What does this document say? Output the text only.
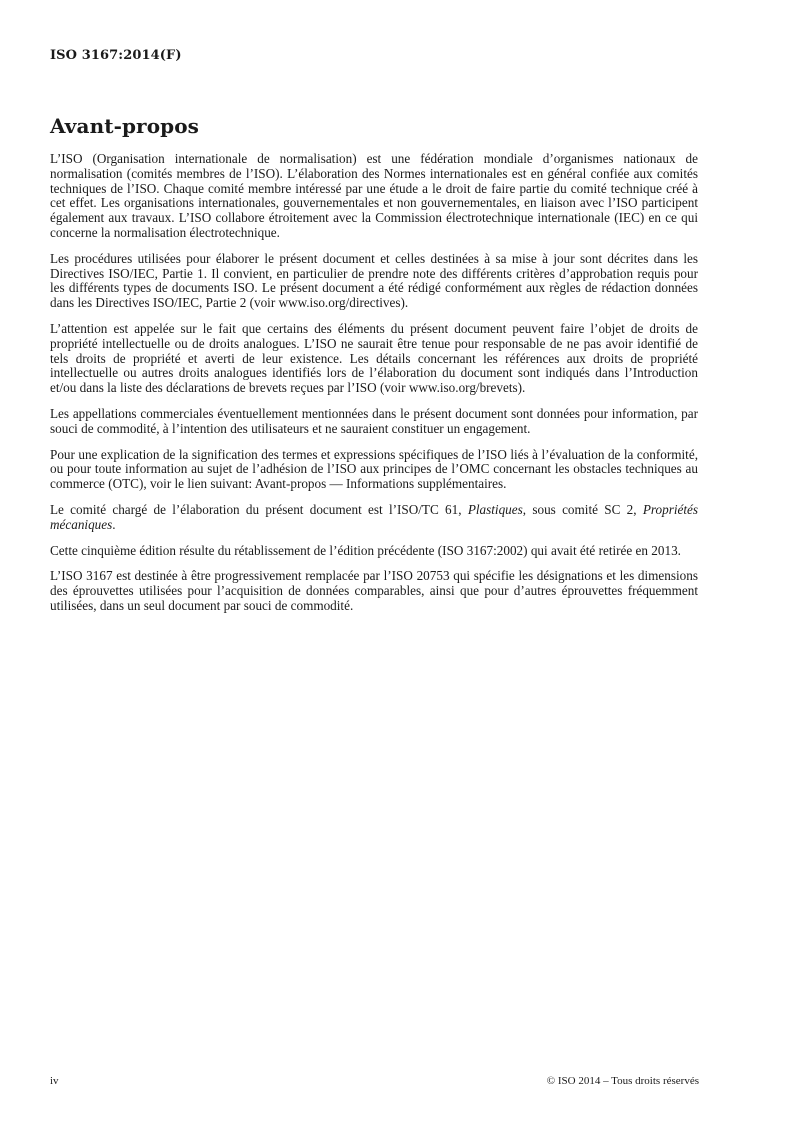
ISO 3167:2014(F)
Avant-propos

L’ISO (Organisation internationale de normalisation) est une fédération mondiale d’organismes nationaux de normalisation (comités membres de l’ISO). L’élaboration des Normes internationales est en général confiée aux comités techniques de l’ISO. Chaque comité membre intéressé par une étude a le droit de faire partie du comité technique créé à cet effet. Les organisations internationales, gouvernementales et non gouvernementales, en liaison avec l’ISO participent également aux travaux. L’ISO collabore étroitement avec la Commission électrotechnique internationale (IEC) en ce qui concerne la normalisation électrotechnique.

Les procédures utilisées pour élaborer le présent document et celles destinées à sa mise à jour sont décrites dans les Directives ISO/IEC, Partie 1. Il convient, en particulier de prendre note des différents critères d’approbation requis pour les différents types de documents ISO. Le présent document a été rédigé conformément aux règles de rédaction données dans les Directives ISO/IEC, Partie 2 (voir www.iso.org/directives).

L’attention est appelée sur le fait que certains des éléments du présent document peuvent faire l’objet de droits de propriété intellectuelle ou de droits analogues. L’ISO ne saurait être tenue pour responsable de ne pas avoir identifié de tels droits de propriété et averti de leur existence. Les détails concernant les références aux droits de propriété intellectuelle ou autres droits analogues identifiés lors de l’élaboration du document sont indiqués dans l’Introduction et/ou dans la liste des déclarations de brevets reçues par l’ISO (voir www.iso.org/brevets).

Les appellations commerciales éventuellement mentionnées dans le présent document sont données pour information, par souci de commodité, à l’intention des utilisateurs et ne sauraient constituer un engagement.

Pour une explication de la signification des termes et expressions spécifiques de l’ISO liés à l’évaluation de la conformité, ou pour toute information au sujet de l’adhésion de l’ISO aux principes de l’OMC concernant les obstacles techniques au commerce (OTC), voir le lien suivant: Avant-propos — Informations supplémentaires.

Le comité chargé de l’élaboration du présent document est l’ISO/TC 61, Plastiques, sous comité SC 2, Propriétés mécaniques.

Cette cinquième édition résulte du rétablissement de l’édition précédente (ISO 3167:2002) qui avait été retirée en 2013.

L’ISO 3167 est destinée à être progressivement remplacée par l’ISO 20753 qui spécifie les désignations et les dimensions des éprouvettes utilisées pour l’acquisition de données comparables, ainsi que pour d’autres éprouvettes fréquemment utilisées, dans un seul document par souci de commodité.

iv	© ISO 2014 – Tous droits réservés
